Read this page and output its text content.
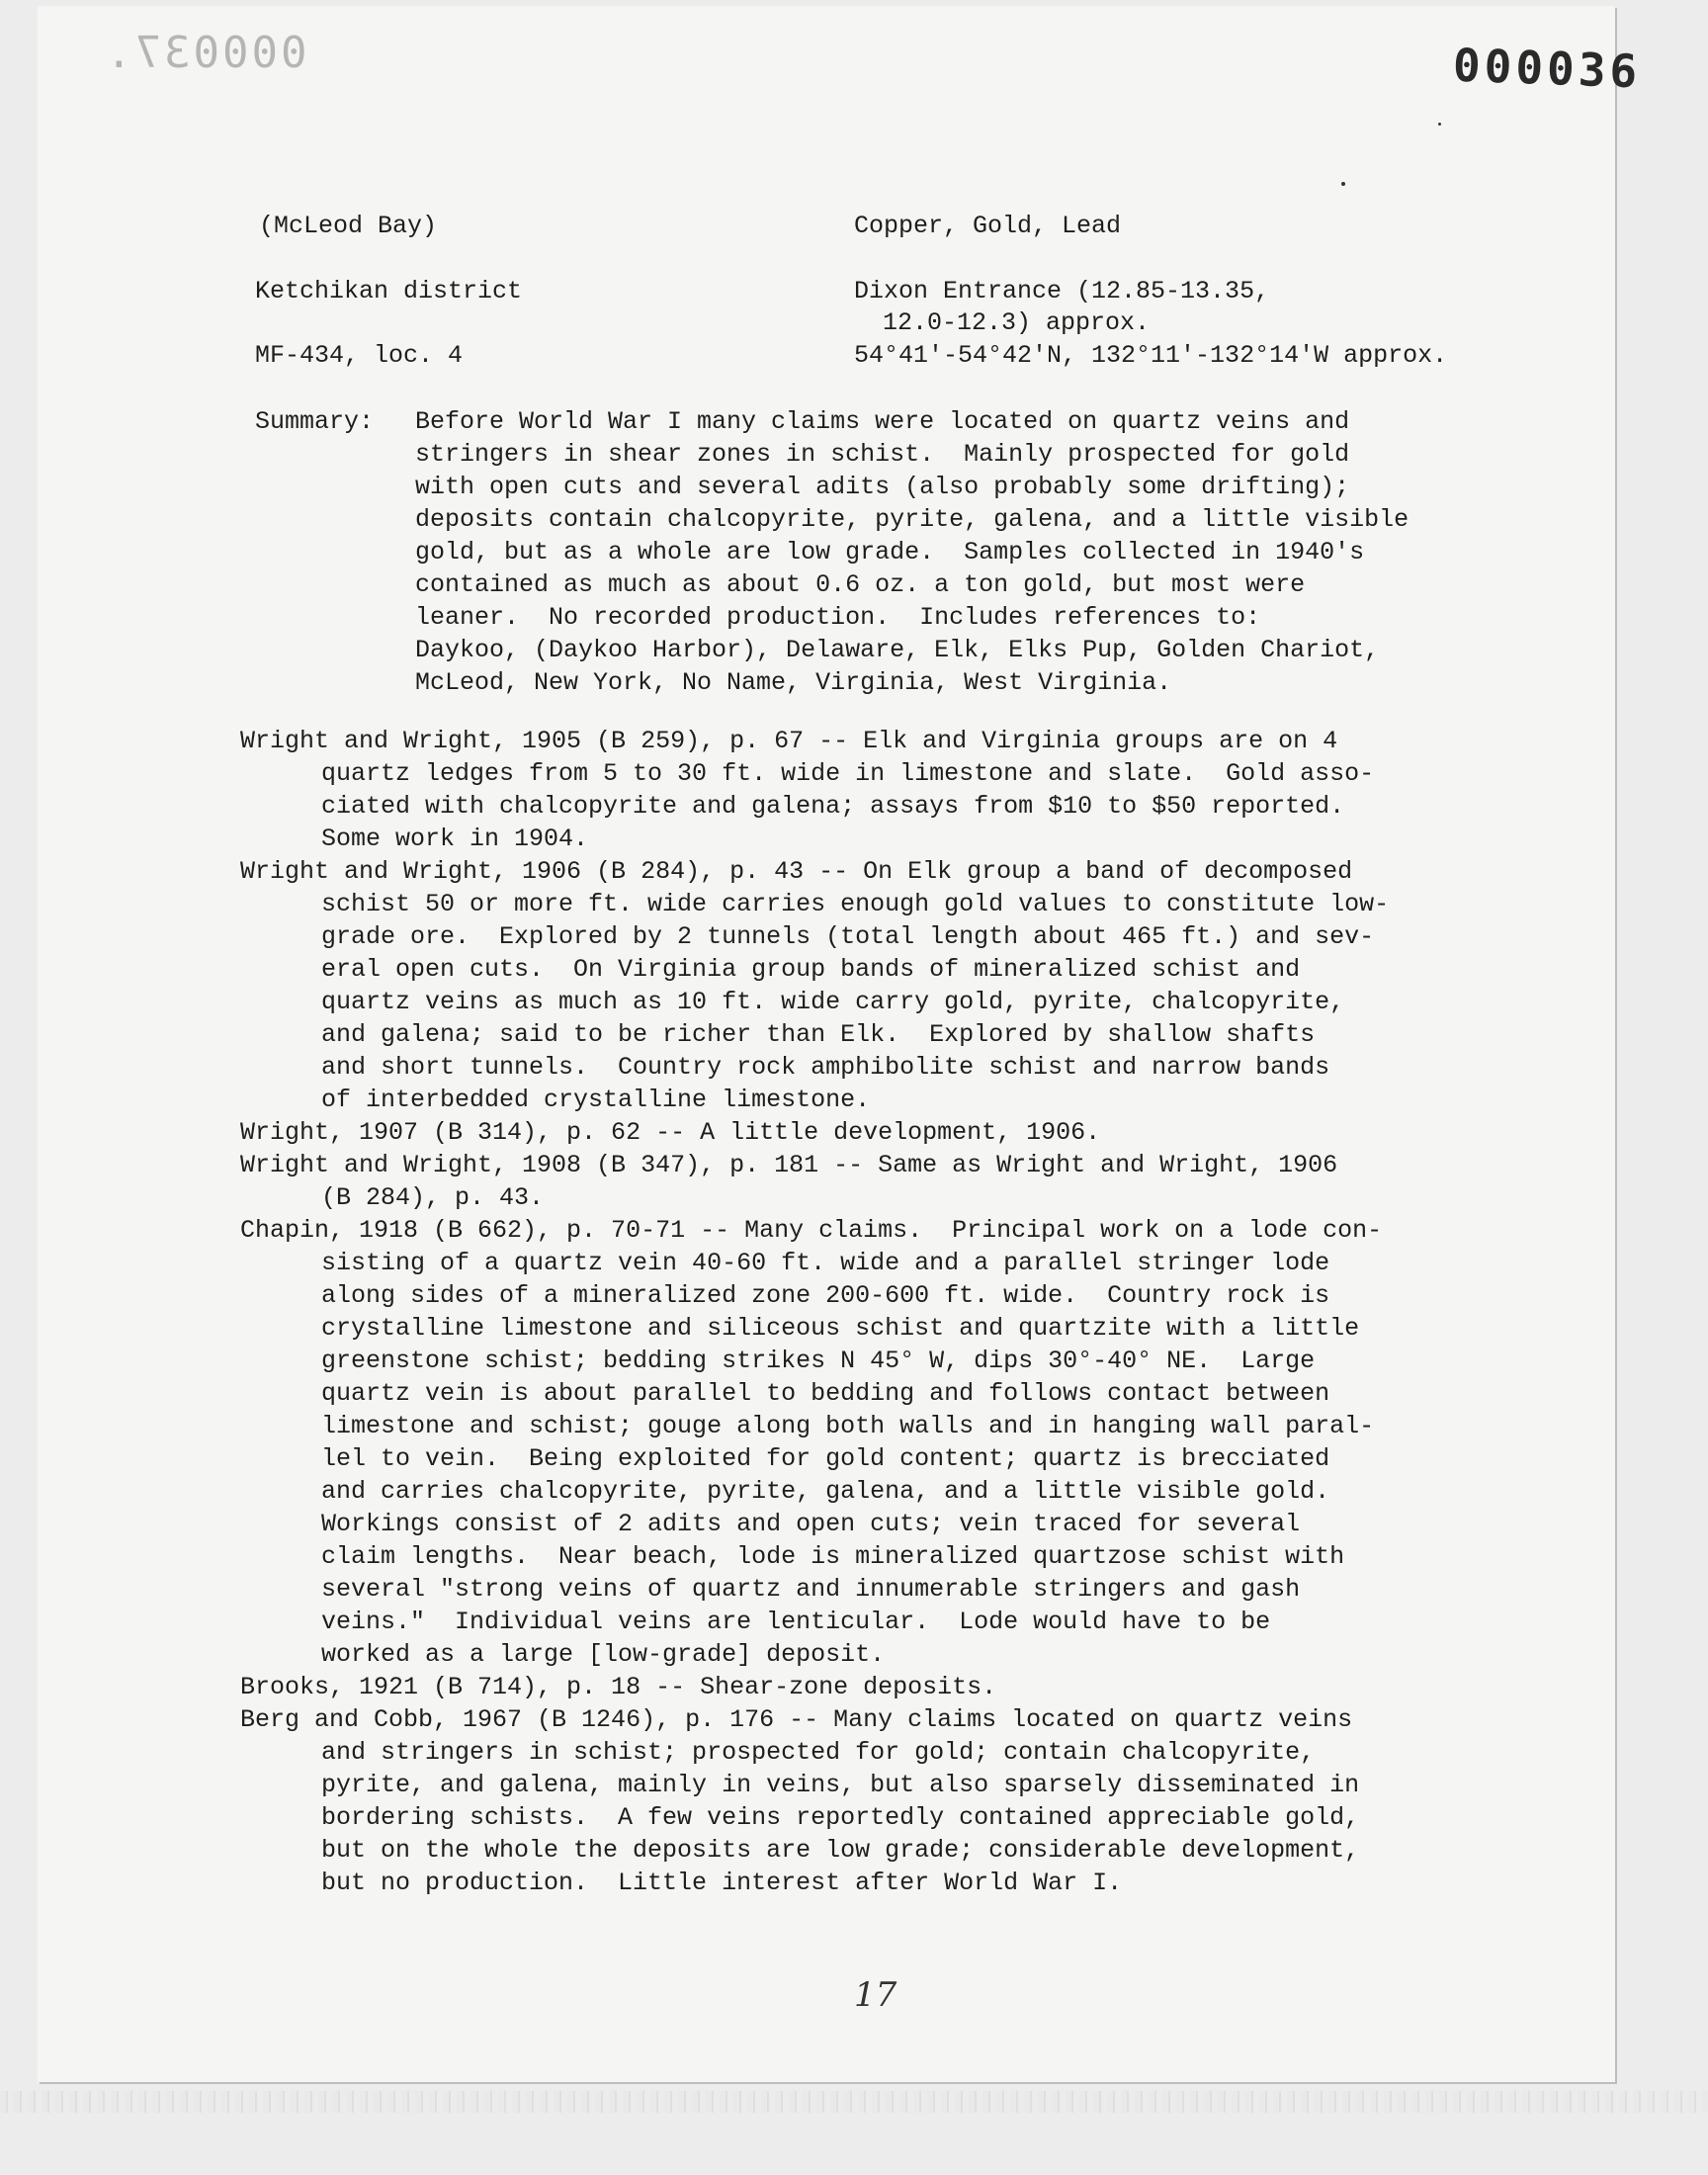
000037.	000036
(McLeod Bay)	Copper, Gold, Lead
Ketchikan district	Dixon Entrance (12.85-13.35,
12.0-12.3) approx.
MF-434, loc. 4	54°41'-54°42'N, 132°11'-132°14'W approx.
Summary: Before World War I many claims were located on quartz veins and
stringers in shear zones in schist.  Mainly prospected for gold
with open cuts and several adits (also probably some drifting);
deposits contain chalcopyrite, pyrite, galena, and a little visible
gold, but as a whole are low grade.  Samples collected in 1940's
contained as much as about 0.6 oz. a ton gold, but most were
leaner.  No recorded production.  Includes references to:
Daykoo, (Daykoo Harbor), Delaware, Elk, Elks Pup, Golden Chariot,
McLeod, New York, No Name, Virginia, West Virginia.
Wright and Wright, 1905 (B 259), p. 67 -- Elk and Virginia groups are on 4
quartz ledges from 5 to 30 ft. wide in limestone and slate.  Gold asso-
ciated with chalcopyrite and galena; assays from $10 to $50 reported.
Some work in 1904.
Wright and Wright, 1906 (B 284), p. 43 -- On Elk group a band of decomposed
schist 50 or more ft. wide carries enough gold values to constitute low-
grade ore.  Explored by 2 tunnels (total length about 465 ft.) and sev-
eral open cuts.  On Virginia group bands of mineralized schist and
quartz veins as much as 10 ft. wide carry gold, pyrite, chalcopyrite,
and galena; said to be richer than Elk.  Explored by shallow shafts
and short tunnels.  Country rock amphibolite schist and narrow bands
of interbedded crystalline limestone.
Wright, 1907 (B 314), p. 62 -- A little development, 1906.
Wright and Wright, 1908 (B 347), p. 181 -- Same as Wright and Wright, 1906
(B 284), p. 43.
Chapin, 1918 (B 662), p. 70-71 -- Many claims.  Principal work on a lode con-
sisting of a quartz vein 40-60 ft. wide and a parallel stringer lode
along sides of a mineralized zone 200-600 ft. wide.  Country rock is
crystalline limestone and siliceous schist and quartzite with a little
greenstone schist; bedding strikes N 45° W, dips 30°-40° NE.  Large
quartz vein is about parallel to bedding and follows contact between
limestone and schist; gouge along both walls and in hanging wall paral-
lel to vein.  Being exploited for gold content; quartz is brecciated
and carries chalcopyrite, pyrite, galena, and a little visible gold.
Workings consist of 2 adits and open cuts; vein traced for several
claim lengths.  Near beach, lode is mineralized quartzose schist with
several "strong veins of quartz and innumerable stringers and gash
veins."  Individual veins are lenticular.  Lode would have to be
worked as a large [low-grade] deposit.
Brooks, 1921 (B 714), p. 18 -- Shear-zone deposits.
Berg and Cobb, 1967 (B 1246), p. 176 -- Many claims located on quartz veins
and stringers in schist; prospected for gold; contain chalcopyrite,
pyrite, and galena, mainly in veins, but also sparsely disseminated in
bordering schists.  A few veins reportedly contained appreciable gold,
but on the whole the deposits are low grade; considerable development,
but no production.  Little interest after World War I.
17
